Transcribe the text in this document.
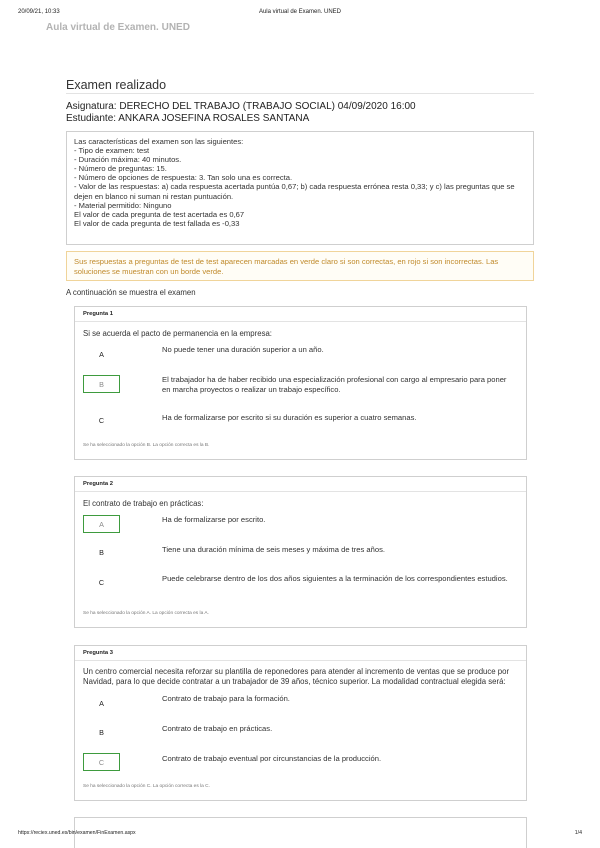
20/09/21, 10:33	Aula virtual de Examen. UNED
Aula virtual de Examen. UNED
Examen realizado
Asignatura: DERECHO DEL TRABAJO (TRABAJO SOCIAL) 04/09/2020 16:00
Estudiante: ANKARA JOSEFINA ROSALES SANTANA

Las características del examen son las siguientes:

- Tipo de examen: test

- Duración máxima: 40 minutos.

- Número de preguntas: 15.

- Número de opciones de respuesta: 3. Tan solo una es correcta.

- Valor de las respuestas: a) cada respuesta acertada puntúa 0,67; b) cada respuesta errónea resta 0,33; y c) las preguntas que se dejen en blanco ni suman ni restan puntuación.

- Material permitido: Ninguno

El valor de cada pregunta de test acertada es 0,67

El valor de cada pregunta de test fallada es -0,33

Sus respuestas a preguntas de test de test aparecen marcadas en verde claro si son correctas, en rojo si son incorrectas. Las soluciones se muestran con un borde verde.
A continuación se muestra el examen
Pregunta 1
Si se acuerda el pacto de permanencia en la empresa:
A	No puede tener una duración superior a un año.
B	El trabajador ha de haber recibido una especialización profesional con cargo al empresario para poner en marcha proyectos o realizar un trabajo específico.
C	Ha de formalizarse por escrito si su duración es superior a cuatro semanas.
Se ha seleccionado la opción B. La opción correcta es la B.
Pregunta 2
El contrato de trabajo en prácticas:
A	Ha de formalizarse por escrito.
B	Tiene una duración mínima de seis meses y máxima de tres años.
C	Puede celebrarse dentro de los dos años siguientes a la terminación de los correspondientes estudios.
Se ha seleccionado la opción A. La opción correcta es la A.
Pregunta 3
Un centro comercial necesita reforzar su plantilla de reponedores para atender al incremento de ventas que se produce por Navidad, para lo que decide contratar a un trabajador de 39 años, técnico superior. La modalidad contractual elegida será:
A	Contrato de trabajo para la formación.
B	Contrato de trabajo en prácticas.
C	Contrato de trabajo eventual por circunstancias de la producción.
Se ha seleccionado la opción C. La opción correcta es la C.
https://reciex.uned.es/bin/examen/FinExamen.aspx	1/4
